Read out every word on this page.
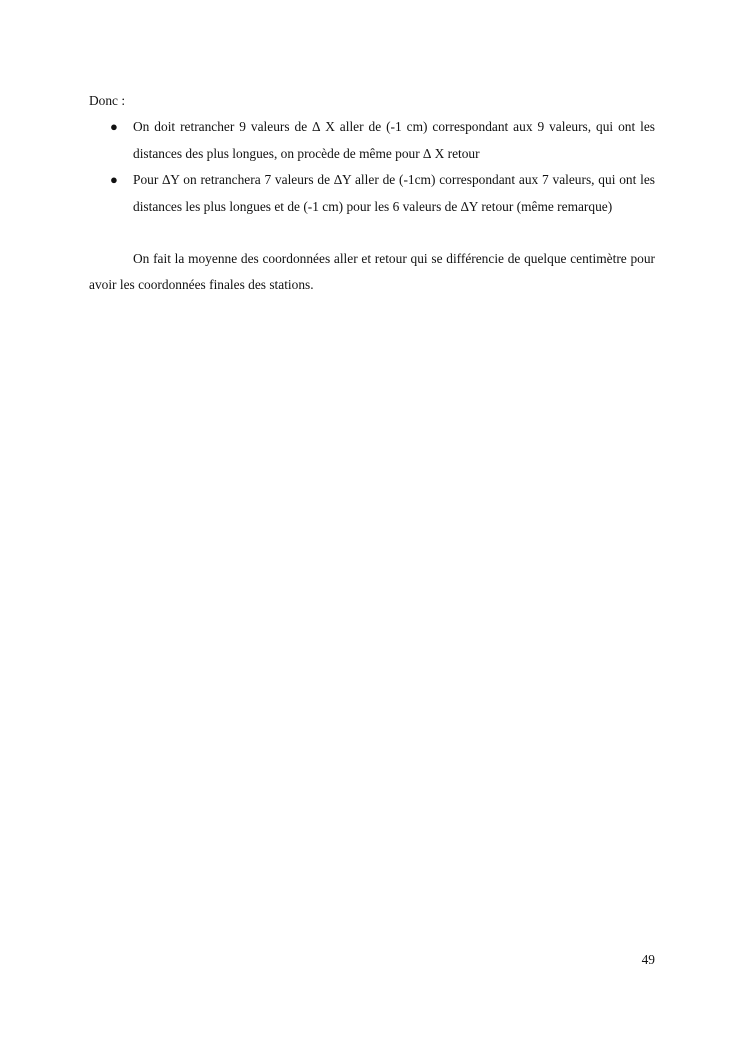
Donc :

● On doit retrancher 9 valeurs de ∆ X aller de (-1 cm) correspondant aux 9 valeurs, qui ont les distances des plus longues, on procède de même pour ∆ X retour
● Pour ∆Y on retranchera 7 valeurs de ∆Y aller de (-1cm) correspondant aux 7 valeurs, qui ont les distances les plus longues et de (-1 cm) pour les 6 valeurs de ∆Y retour (même remarque)

On fait la moyenne des coordonnées aller et retour qui se différencie de quelque centimètre pour avoir les coordonnées finales des stations.

49
